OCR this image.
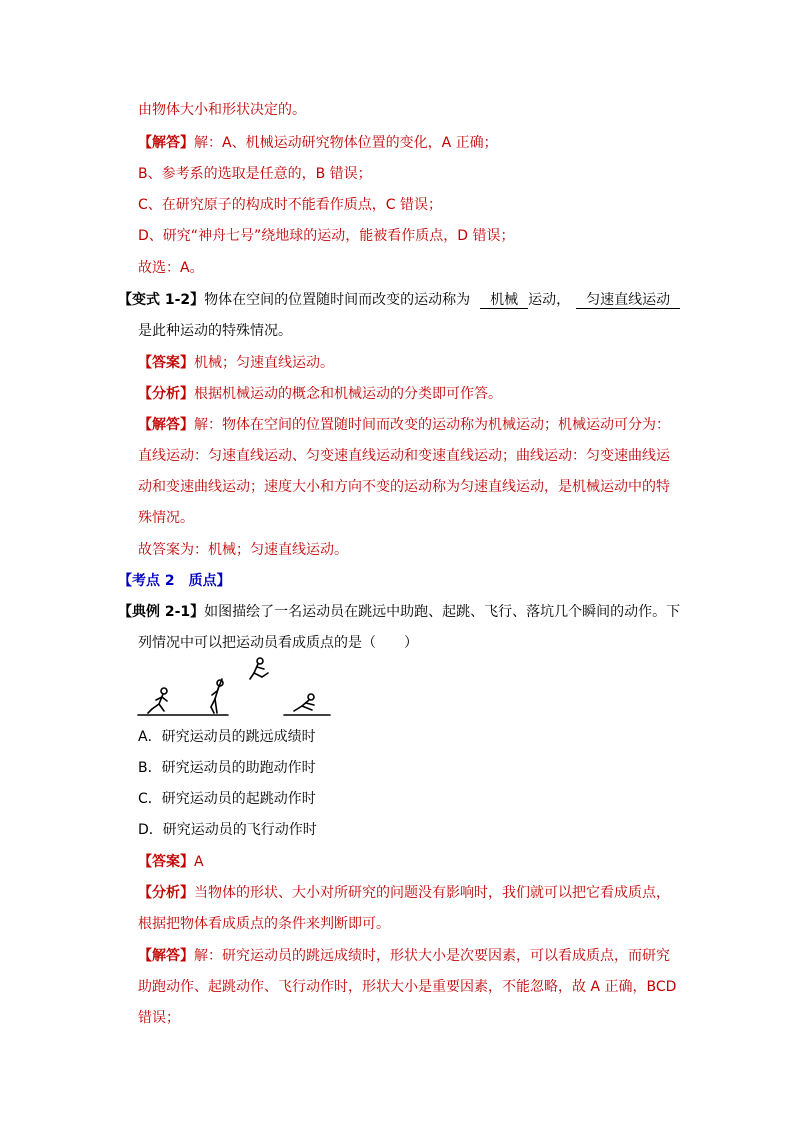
由物体大小和形状决定的。
【解答】解：A、机械运动研究物体位置的变化，A 正确；
B、参考系的选取是任意的，B 错误；
C、在研究原子的构成时不能看作质点，C 错误；
D、研究“神舟七号”绕地球的运动，能被看作质点，D 错误；
故选：A。
【变式 1-2】物体在空间的位置随时间而改变的运动称为 机械 运动， 匀速直线运动
是此种运动的特殊情况。
【答案】机械；匀速直线运动。
【分析】根据机械运动的概念和机械运动的分类即可作答。
【解答】解：物体在空间的位置随时间而改变的运动称为机械运动；机械运动可分为：
直线运动：匀速直线运动、匀变速直线运动和变速直线运动；曲线运动：匀变速曲线运
动和变速曲线运动；速度大小和方向不变的运动称为匀速直线运动，是机械运动中的特
殊情况。
故答案为：机械；匀速直线运动。
【考点 2　质点】
【典例 2-1】如图描绘了一名运动员在跳远中助跑、起跳、飞行、落坑几个瞬间的动作。下
列情况中可以把运动员看成质点的是（　　）
A．研究运动员的跳远成绩时
B．研究运动员的助跑动作时
C．研究运动员的起跳动作时
D．研究运动员的飞行动作时
【答案】A
【分析】当物体的形状、大小对所研究的问题没有影响时，我们就可以把它看成质点，
根据把物体看成质点的条件来判断即可。
【解答】解：研究运动员的跳远成绩时，形状大小是次要因素，可以看成质点，而研究
助跑动作、起跳动作、飞行动作时，形状大小是重要因素，不能忽略，故 A 正确，BCD
错误；
